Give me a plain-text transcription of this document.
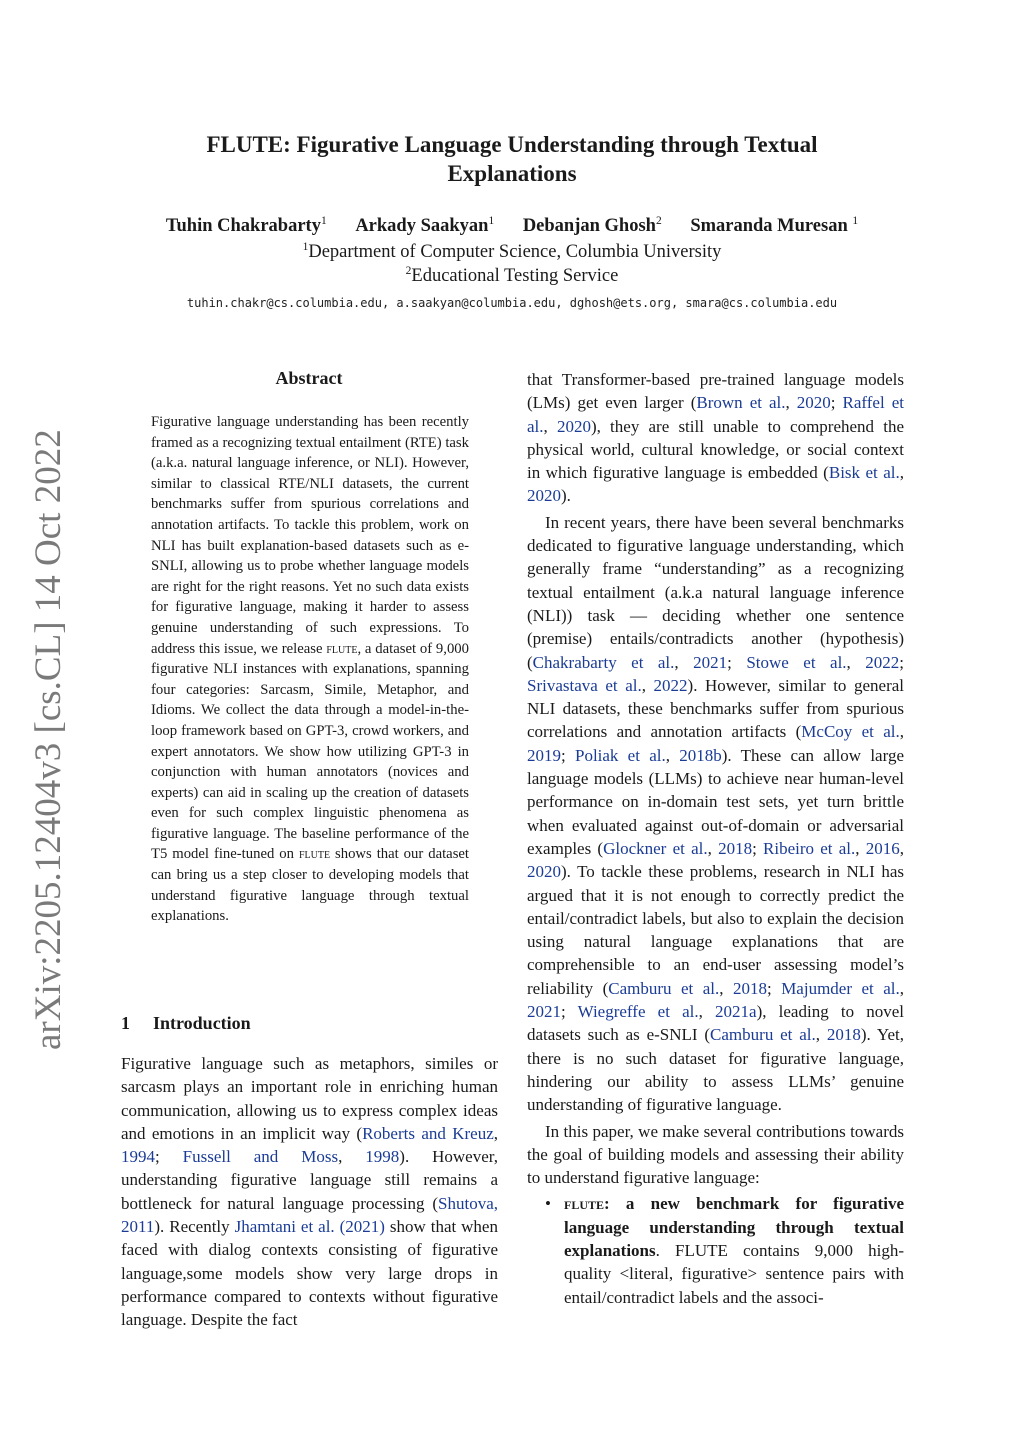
arXiv:2205.12404v3 [cs.CL] 14 Oct 2022
FLUTE: Figurative Language Understanding through Textual Explanations
Tuhin Chakrabarty$^1$ Arkady Saakyan$^1$ Debanjan Ghosh$^2$ Smaranda Muresan $^1$
$^1$Department of Computer Science, Columbia University
$^2$Educational Testing Service
tuhin.chakr@cs.columbia.edu, a.saakyan@columbia.edu, dghosh@ets.org, smara@cs.columbia.edu
Abstract
Figurative language understanding has been recently framed as a recognizing textual entailment (RTE) task (a.k.a. natural language inference, or NLI). However, similar to classical RTE/NLI datasets, the current benchmarks suffer from spurious correlations and annotation artifacts. To tackle this problem, work on NLI has built explanation-based datasets such as e-SNLI, allowing us to probe whether language models are right for the right reasons. Yet no such data exists for figurative language, making it harder to assess genuine understanding of such expressions. To address this issue, we release flute, a dataset of 9,000 figurative NLI instances with explanations, spanning four categories: Sarcasm, Simile, Metaphor, and Idioms. We collect the data through a model-in-the-loop framework based on GPT-3, crowd workers, and expert annotators. We show how utilizing GPT-3 in conjunction with human annotators (novices and experts) can aid in scaling up the creation of datasets even for such complex linguistic phenomena as figurative language. The baseline performance of the T5 model fine-tuned on flute shows that our dataset can bring us a step closer to developing models that understand figurative language through textual explanations.
1 Introduction
Figurative language such as metaphors, similes or sarcasm plays an important role in enriching human communication, allowing us to express complex ideas and emotions in an implicit way (Roberts and Kreuz, 1994; Fussell and Moss, 1998). However, understanding figurative language still remains a bottleneck for natural language processing (Shutova, 2011). Recently Jhamtani et al. (2021) show that when faced with dialog contexts consisting of figurative language,some models show very large drops in performance compared to contexts without figurative language. Despite the fact

that Transformer-based pre-trained language models (LMs) get even larger (Brown et al., 2020; Raffel et al., 2020), they are still unable to comprehend the physical world, cultural knowledge, or social context in which figurative language is embedded (Bisk et al., 2020).

In recent years, there have been several benchmarks dedicated to figurative language understanding, which generally frame “understanding” as a recognizing textual entailment (a.k.a natural language inference (NLI)) task — deciding whether one sentence (premise) entails/contradicts another (hypothesis) (Chakrabarty et al., 2021; Stowe et al., 2022; Srivastava et al., 2022). However, similar to general NLI datasets, these benchmarks suffer from spurious correlations and annotation artifacts (McCoy et al., 2019; Poliak et al., 2018b). These can allow large language models (LLMs) to achieve near human-level performance on in-domain test sets, yet turn brittle when evaluated against out-of-domain or adversarial examples (Glockner et al., 2018; Ribeiro et al., 2016, 2020). To tackle these problems, research in NLI has argued that it is not enough to correctly predict the entail/contradict labels, but also to explain the decision using natural language explanations that are comprehensible to an end-user assessing model’s reliability (Camburu et al., 2018; Majumder et al., 2021; Wiegreffe et al., 2021a), leading to novel datasets such as e-SNLI (Camburu et al., 2018). Yet, there is no such dataset for figurative language, hindering our ability to assess LLMs’ genuine understanding of figurative language.

In this paper, we make several contributions towards the goal of building models and assessing their ability to understand figurative language:

• flute: a new benchmark for figurative language understanding through textual explanations. FLUTE contains 9,000 high-quality <literal, figurative> sentence pairs with entail/contradict labels and the associ-
